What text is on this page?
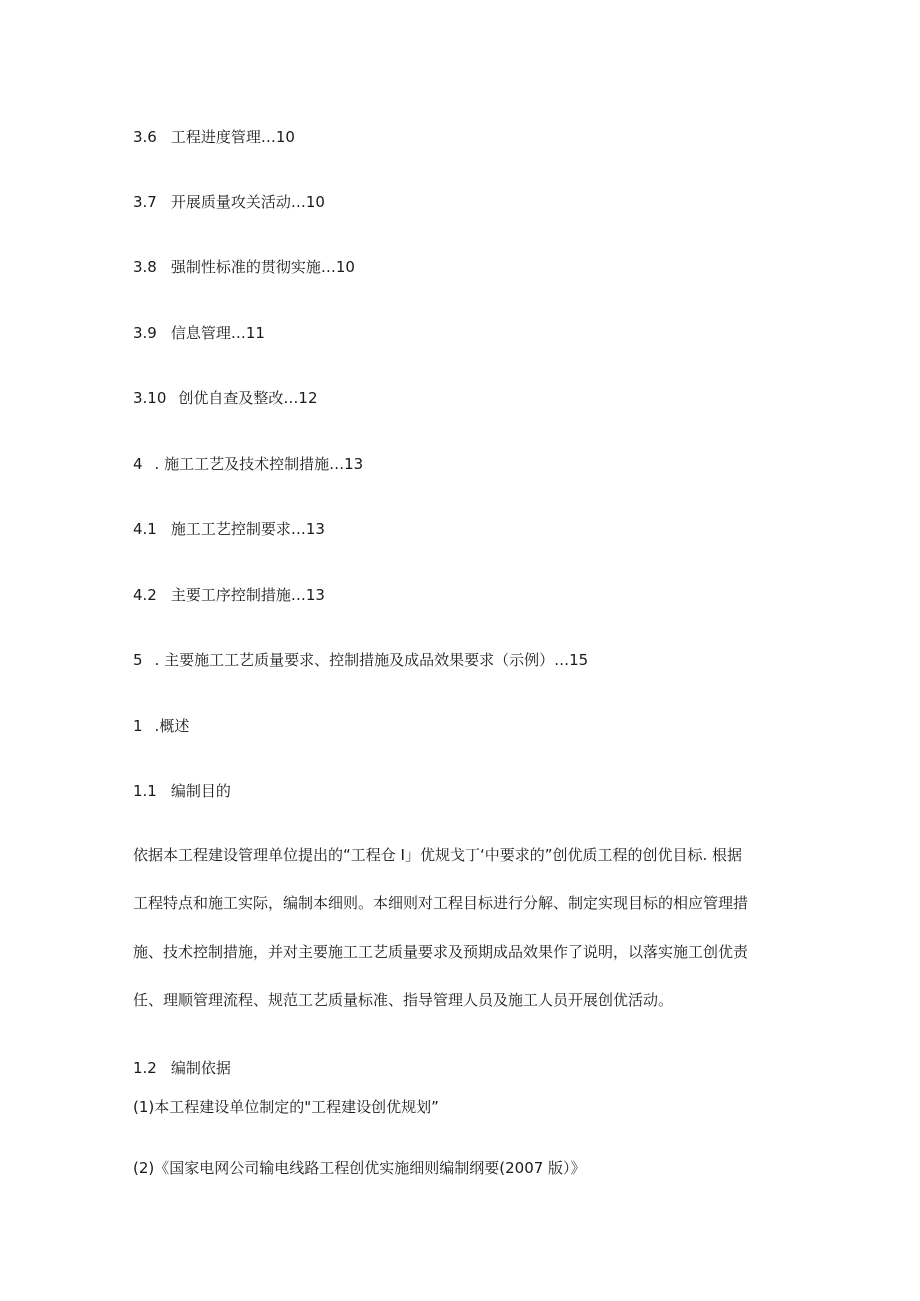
3.6 工程进度管理…10
3.7 开展质量攻关活动…10
3.8 强制性标准的贯彻实施…10
3.9 信息管理…11
3.10 创优自查及整改…12
4 . 施工工艺及技术控制措施…13
4.1 施工工艺控制要求…13
4.2 主要工序控制措施…13
5 . 主要施工工艺质量要求、控制措施及成品效果要求（示例）…15
1 .概述
1.1 编制目的
依据本工程建设管理单位提出的“工程仓 I」优规戈丁‘中要求的”创优质工程的创优目标. 根据
工程特点和施工实际，编制本细则。本细则对工程目标进行分解、制定实现目标的相应管理措
施、技术控制措施，并对主要施工工艺质量要求及预期成品效果作了说明，以落实施工创优责
任、理顺管理流程、规范工艺质量标准、指导管理人员及施工人员开展创优活动。
1.2 编制依据
(1)本工程建设单位制定的"工程建设创优规划”
(2)《国家电网公司输电线路工程创优实施细则编制纲要(2007 版）》
